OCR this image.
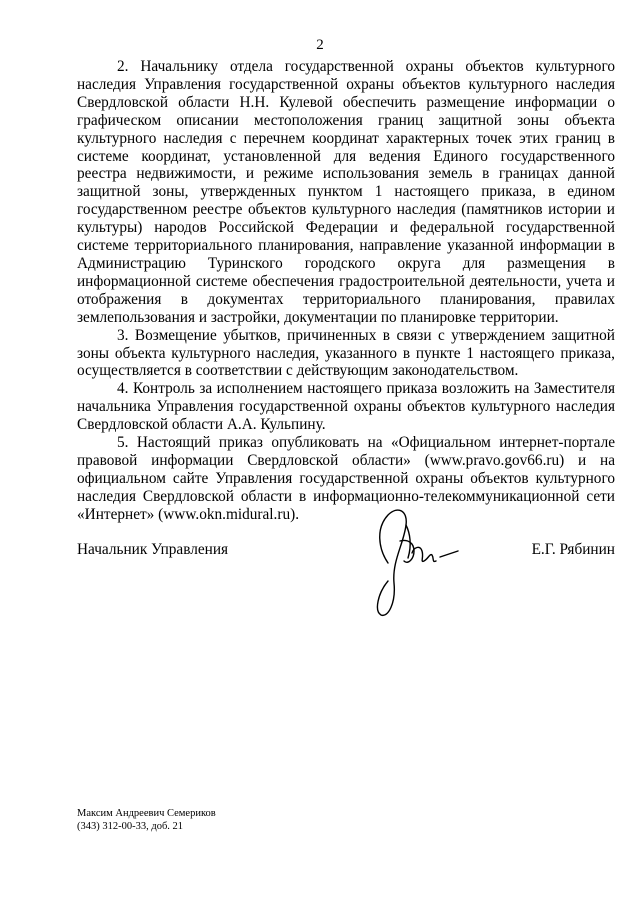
2

2. Начальнику отдела государственной охраны объектов культурного наследия Управления государственной охраны объектов культурного наследия Свердловской области Н.Н. Кулевой обеспечить размещение информации о графическом описании местоположения границ защитной зоны объекта культурного наследия с перечнем координат характерных точек этих границ в системе координат, установленной для ведения Единого государственного реестра недвижимости, и режиме использования земель в границах данной защитной зоны, утвержденных пунктом 1 настоящего приказа, в едином государственном реестре объектов культурного наследия (памятников истории и культуры) народов Российской Федерации и федеральной государственной системе территориального планирования, направление указанной информации в Администрацию Туринского городского округа для размещения в информационной системе обеспечения градостроительной деятельности, учета и отображения в документах территориального планирования, правилах землепользования и застройки, документации по планировке территории.

3. Возмещение убытков, причиненных в связи с утверждением защитной зоны объекта культурного наследия, указанного в пункте 1 настоящего приказа, осуществляется в соответствии с действующим законодательством.

4. Контроль за исполнением настоящего приказа возложить на Заместителя начальника Управления государственной охраны объектов культурного наследия Свердловской области А.А. Кульпину.

5. Настоящий приказ опубликовать на «Официальном интернет-портале правовой информации Свердловской области» (www.pravo.gov66.ru) и на официальном сайте Управления государственной охраны объектов культурного наследия Свердловской области в информационно-телекоммуникационной сети «Интернет» (www.okn.midural.ru).

Начальник Управления	Е.Г. Рябинин
Максим Андреевич Семериков
(343) 312-00-33, доб. 21
